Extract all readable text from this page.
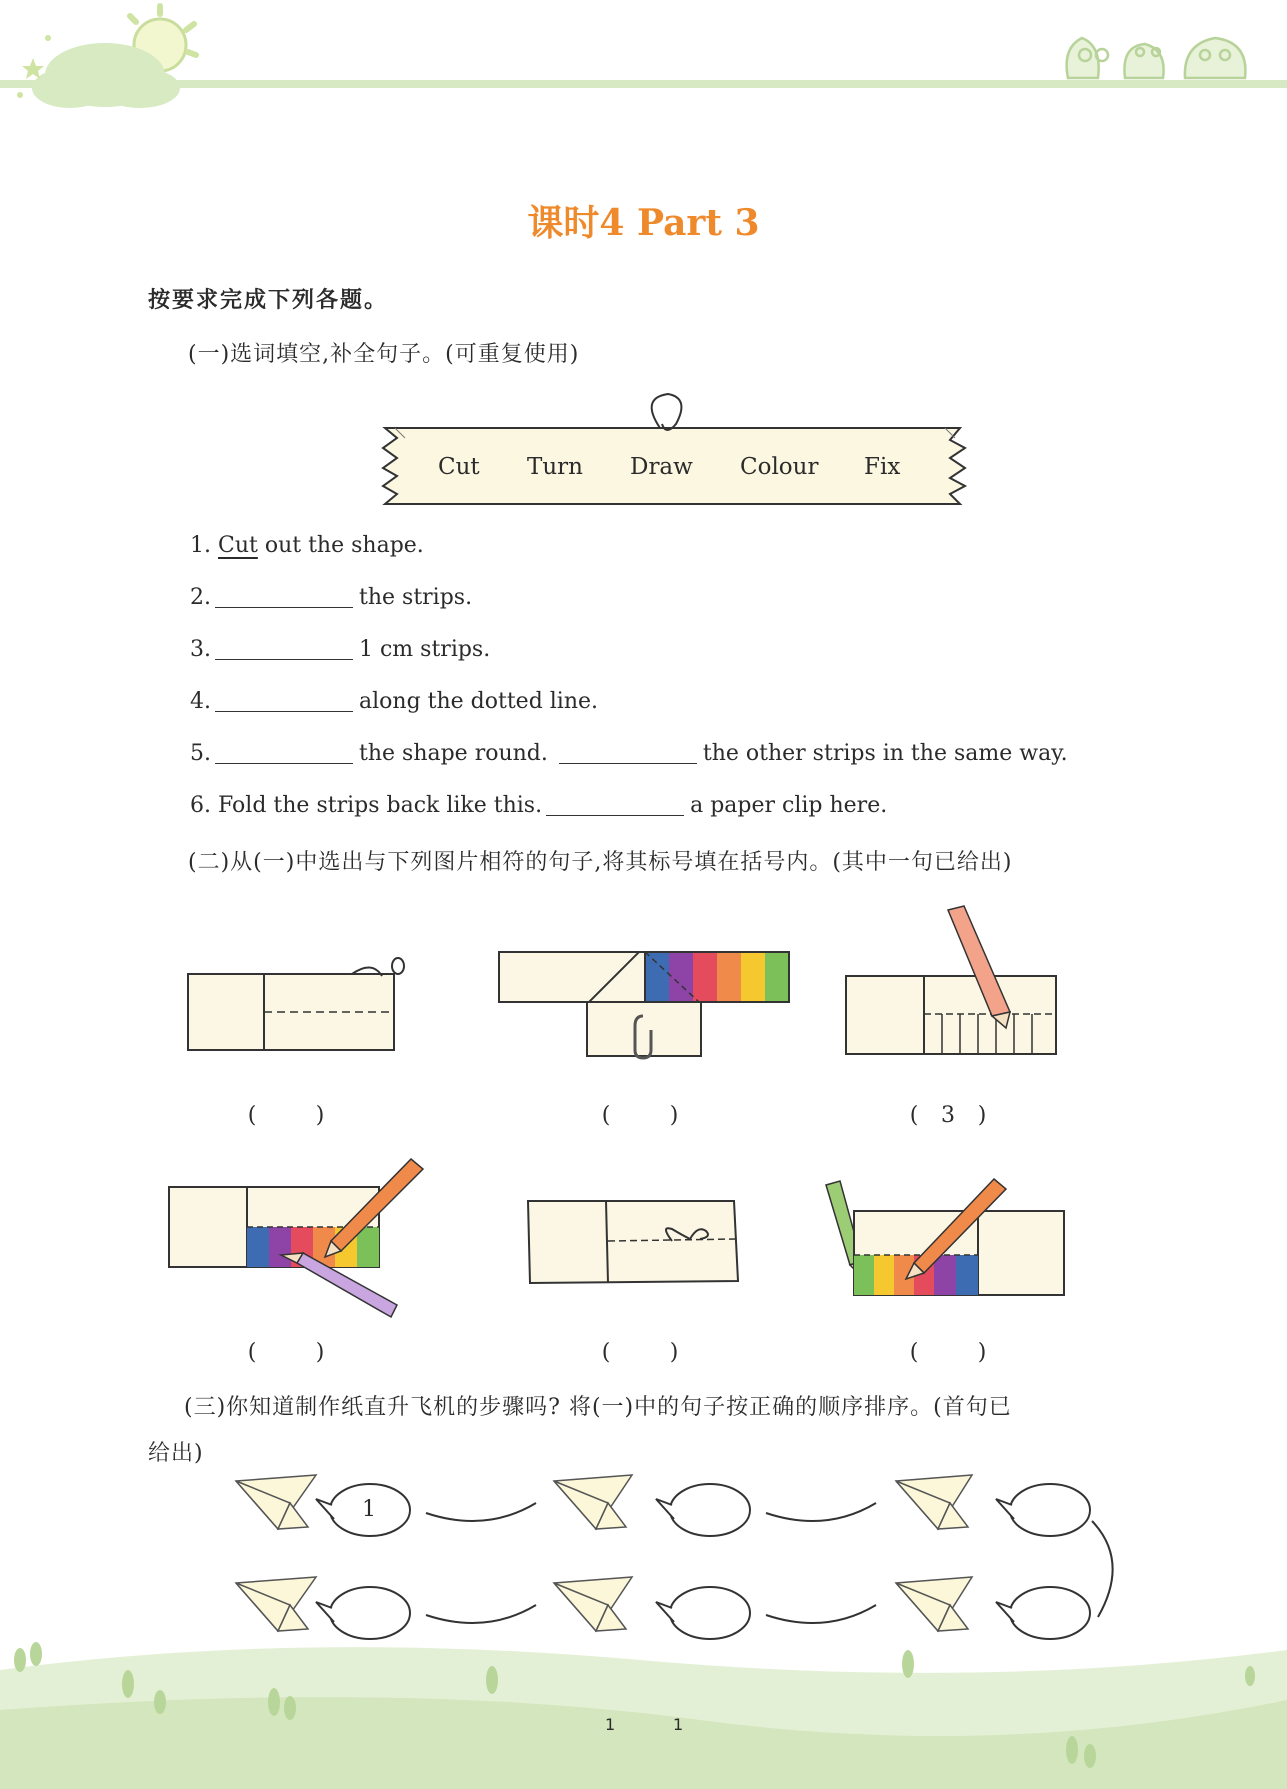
课时4 Part 3
按要求完成下列各题。
(一)选词填空,补全句子。(可重复使用)
Cut Turn Draw Colour Fix
1. Cut out the shape.
2.	the strips.
3.	1 cm strips.
4.	along the dotted line.
5.	the shape round.	the other strips in the same way.
6. Fold the strips back like this.	a paper clip here.
(二)从(一)中选出与下列图片相符的句子,将其标号填在括号内。(其中一句已给出)
(	)	(	)	( 3 )
(	)	(	)	(	)
(三)你知道制作纸直升飞机的步骤吗? 将(一)中的句子按正确的顺序排序。(首句已
给出)
1
1	1
